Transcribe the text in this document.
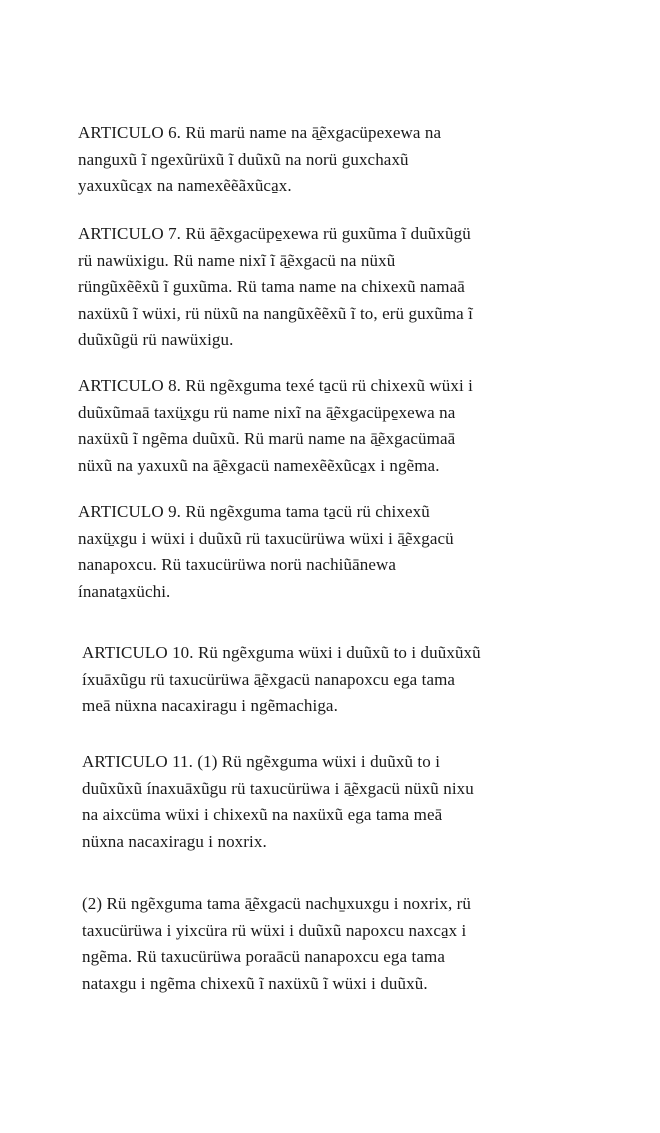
ARTICULO 6. Rü marü name na ā̱ẽxgacüpexewa na
nanguxũ ĩ ngexũrüxũ ĩ duũxũ na norü guxchaxũ
yaxuxũca̱x na namexẽẽãxũca̱x.

ARTICULO 7. Rü ā̱ẽxgacüpe̱xewa rü guxũma ĩ duũxũgü
rü nawüxigu. Rü name nixĩ ĩ ā̱ẽxgacü na nüxũ
rüngũxẽẽxũ ĩ guxũma. Rü tama name na chixexũ namaā
naxüxũ ĩ wüxi, rü nüxũ na nangũxẽẽxũ ĩ to, erü guxũma ĩ
duũxũgü rü nawüxigu.

ARTICULO 8. Rü ngẽxguma texé ta̱cü rü chixexũ wüxi i
duũxũmaā taxü̱xgu rü name nixĩ na ā̱ẽxgacüpe̱xewa na
naxüxũ ĩ ngẽma duũxũ. Rü marü name na ā̱ẽxgacümaā
nüxũ na yaxuxũ na ā̱ẽxgacü namexẽẽxũca̱x i ngẽma.

ARTICULO 9. Rü ngẽxguma tama ta̱cü rü chixexũ
naxü̱xgu i wüxi i duũxũ rü taxucürüwa wüxi i ā̱ẽxgacü
nanapoxcu. Rü taxucürüwa norü nachiũānewa
ínanata̱xüchi.

ARTICULO 10. Rü ngẽxguma wüxi i duũxũ to i duũxũxũ
íxuāxũgu rü taxucürüwa ā̱ẽxgacü nanapoxcu ega tama
meā nüxna nacaxiragu i ngẽmachiga.

ARTICULO 11. (1) Rü ngẽxguma wüxi i duũxũ to i
duũxũxũ ínaxuāxũgu rü taxucürüwa i ā̱ẽxgacü nüxũ nixu
na aixcüma wüxi i chixexũ na naxüxũ ega tama meā
nüxna nacaxiragu i noxrix.

(2) Rü ngẽxguma tama ā̱ẽxgacü nachu̱xuxgu i noxrix, rü
taxucürüwa i yixcüra rü wüxi i duũxũ napoxcu naxca̱x i
ngẽma. Rü taxucürüwa poraācü nanapoxcu ega tama
nataxgu i ngẽma chixexũ ĩ naxüxũ ĩ wüxi i duũxũ.
